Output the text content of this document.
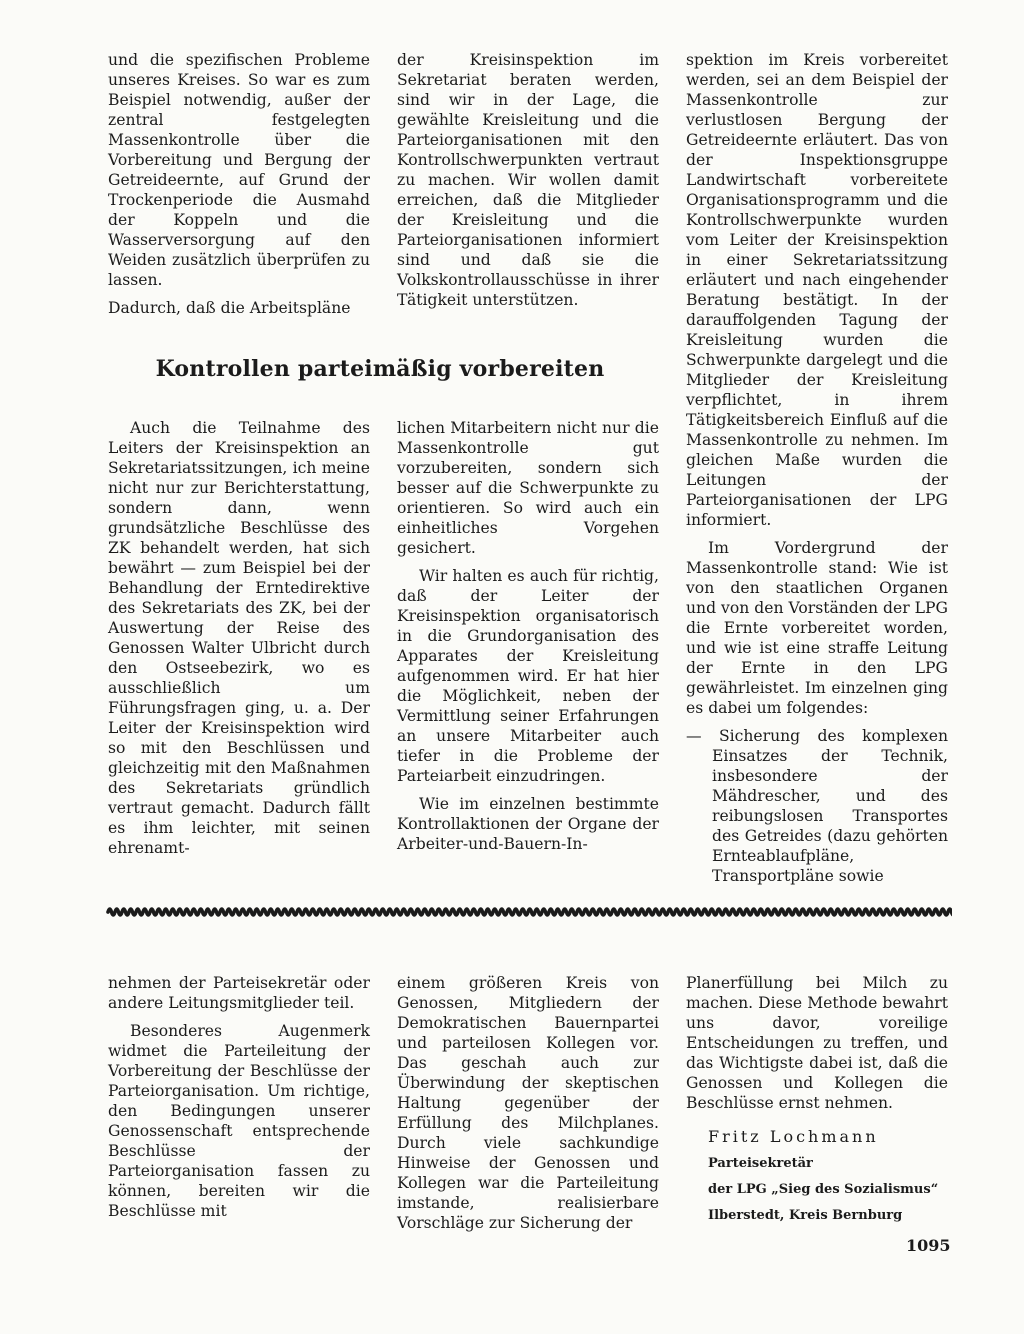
und die spezifischen Probleme unseres Kreises. So war es zum Beispiel notwendig, außer der zentral festgelegten Massenkontrolle über die Vorbereitung und Bergung der Getreideernte, auf Grund der Trockenperiode die Ausmahd der Koppeln und die Wasserversorgung auf den Weiden zusätzlich überprüfen zu lassen.

Dadurch, daß die Arbeitspläne

der Kreisinspektion im Sekretariat beraten werden, sind wir in der Lage, die gewählte Kreisleitung und die Parteiorganisationen mit den Kontrollschwerpunkten vertraut zu machen. Wir wollen damit erreichen, daß die Mitglieder der Kreisleitung und die Parteiorganisationen informiert sind und daß sie die Volkskontrollausschüsse in ihrer Tätigkeit unterstützen.

spektion im Kreis vorbereitet werden, sei an dem Beispiel der Massenkontrolle zur verlustlosen Bergung der Getreideernte erläutert. Das von der Inspektionsgruppe Landwirtschaft vorbereitete Organisationsprogramm und die Kontrollschwerpunkte wurden vom Leiter der Kreisinspektion in einer Sekretariatssitzung erläutert und nach eingehender Beratung bestätigt. In der darauffolgenden Tagung der Kreisleitung wurden die Schwerpunkte dargelegt und die Mitglieder der Kreisleitung verpflichtet, in ihrem Tätigkeitsbereich Einfluß auf die Massenkontrolle zu nehmen. Im gleichen Maße wurden die Leitungen der Parteiorganisationen der LPG informiert.

Im Vordergrund der Massenkontrolle stand: Wie ist von den staatlichen Organen und von den Vorständen der LPG die Ernte vorbereitet worden, und wie ist eine straffe Leitung der Ernte in den LPG gewährleistet. Im einzelnen ging es dabei um folgendes:

— Sicherung des komplexen Einsatzes der Technik, insbesondere der Mähdrescher, und des reibungslosen Transportes des Getreides (dazu gehörten Ernteablaufpläne, Transportpläne sowie

Kontrollen parteimäßig vorbereiten

Auch die Teilnahme des Leiters der Kreisinspektion an Sekretariatssitzungen, ich meine nicht nur zur Berichterstattung, sondern dann, wenn grundsätzliche Beschlüsse des ZK behandelt werden, hat sich bewährt — zum Beispiel bei der Behandlung der Erntedirektive des Sekretariats des ZK, bei der Auswertung der Reise des Genossen Walter Ulbricht durch den Ostseebezirk, wo es ausschließlich um Führungsfragen ging, u. a. Der Leiter der Kreisinspektion wird so mit den Beschlüssen und gleichzeitig mit den Maßnahmen des Sekretariats gründlich vertraut gemacht. Dadurch fällt es ihm leichter, mit seinen ehrenamt-

lichen Mitarbeitern nicht nur die Massenkontrolle gut vorzubereiten, sondern sich besser auf die Schwerpunkte zu orientieren. So wird auch ein einheitliches Vorgehen gesichert.

Wir halten es auch für richtig, daß der Leiter der Kreisinspektion organisatorisch in die Grundorganisation des Apparates der Kreisleitung aufgenommen wird. Er hat hier die Möglichkeit, neben der Vermittlung seiner Erfahrungen an unsere Mitarbeiter auch tiefer in die Probleme der Parteiarbeit einzudringen.

Wie im einzelnen bestimmte Kontrollaktionen der Organe der Arbeiter-und-Bauern-In-

nehmen der Parteisekretär oder andere Leitungsmitglieder teil.

Besonderes Augenmerk widmet die Parteileitung der Vorbereitung der Beschlüsse der Parteiorganisation. Um richtige, den Bedingungen unserer Genossenschaft entsprechende Beschlüsse der Parteiorganisation fassen zu können, bereiten wir die Beschlüsse mit

einem größeren Kreis von Genossen, Mitgliedern der Demokratischen Bauernpartei und parteilosen Kollegen vor. Das geschah auch zur Überwindung der skeptischen Haltung gegenüber der Erfüllung des Milchplanes. Durch viele sachkundige Hinweise der Genossen und Kollegen war die Parteileitung imstande, realisierbare Vorschläge zur Sicherung der

Planerfüllung bei Milch zu machen. Diese Methode bewahrt uns davor, voreilige Entscheidungen zu treffen, und das Wichtigste dabei ist, daß die Genossen und Kollegen die Beschlüsse ernst nehmen.

Fritz Lochmann

Parteisekretär

der LPG „Sieg des Sozialismus“

Ilberstedt, Kreis Bernburg

1095
